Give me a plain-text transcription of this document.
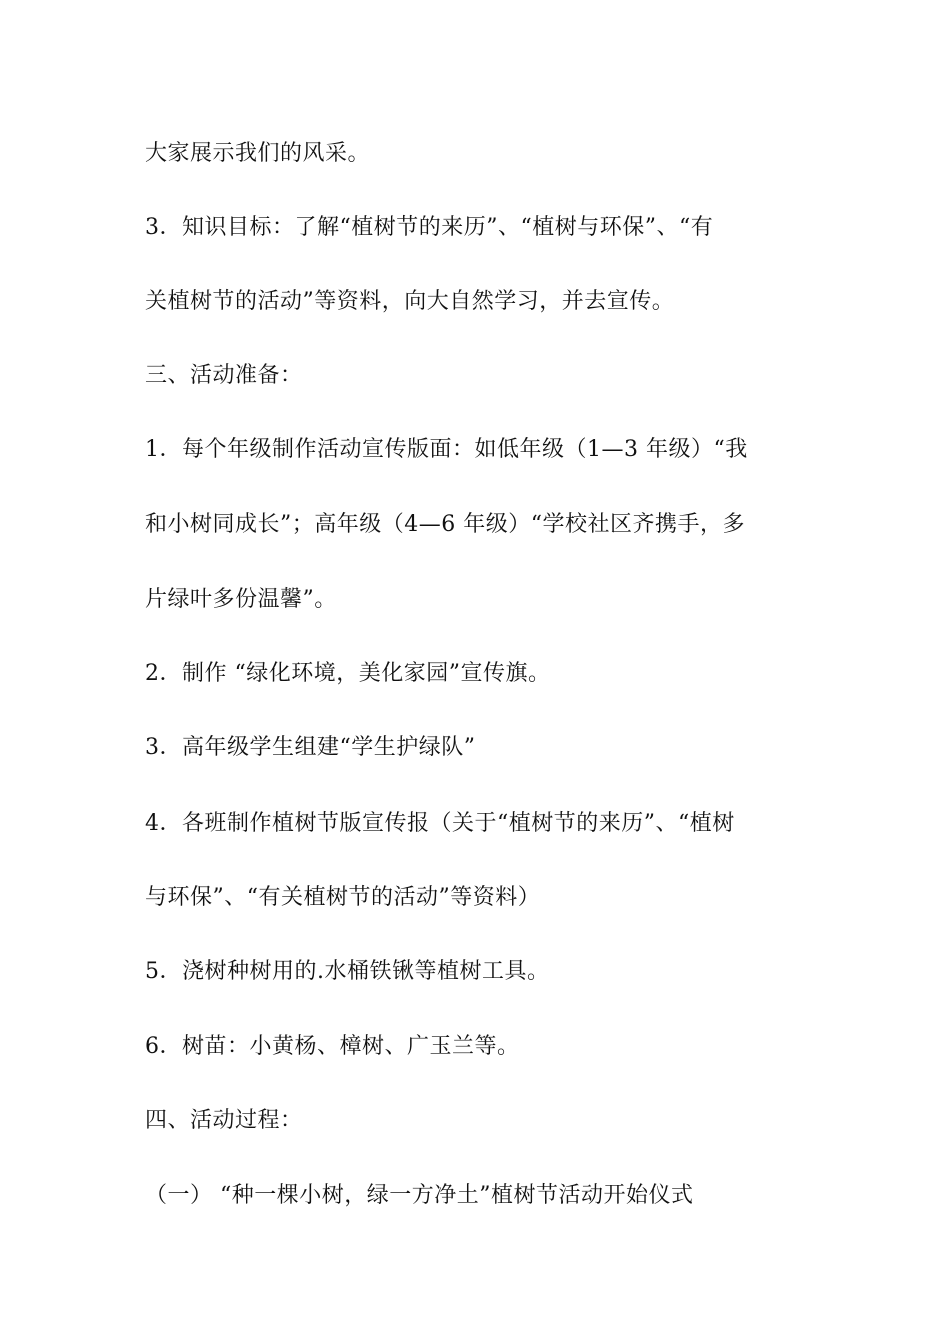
大家展示我们的风采。
3．知识目标：了解“植树节的来历”、“植树与环保”、“有
关植树节的活动”等资料，向大自然学习，并去宣传。
三、活动准备：
1．每个年级制作活动宣传版面：如低年级（1—3 年级）“我
和小树同成长”；高年级（4—6 年级）“学校社区齐携手，多
片绿叶多份温馨”。
2．制作 “绿化环境，美化家园”宣传旗。
3．高年级学生组建“学生护绿队”
4．各班制作植树节版宣传报（关于“植树节的来历”、“植树
与环保”、“有关植树节的活动”等资料）
5．浇树种树用的.水桶铁锹等植树工具。
6．树苗：小黄杨、樟树、广玉兰等。
四、活动过程：
（一） “种一棵小树，绿一方净土”植树节活动开始仪式
